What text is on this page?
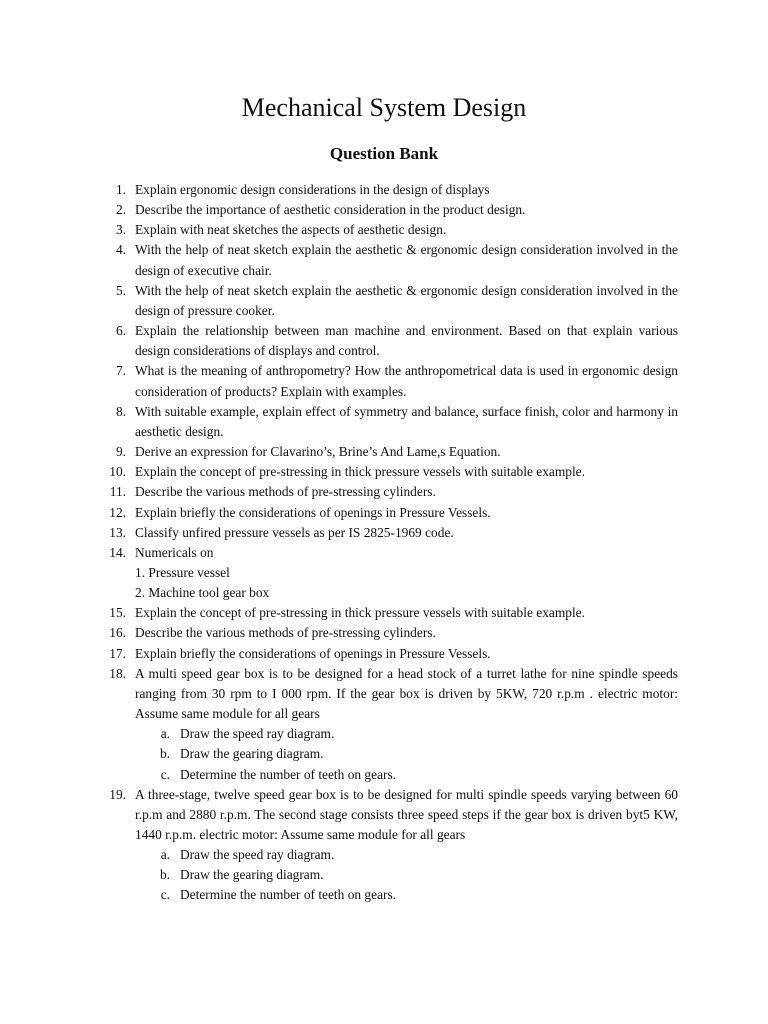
Mechanical System Design
Question Bank
1. Explain ergonomic design considerations in the design of displays
2. Describe the importance of aesthetic consideration in the product design.
3. Explain with neat sketches the aspects of aesthetic design.
4. With the help of neat sketch explain the aesthetic & ergonomic design consideration involved in the design of executive chair.
5. With the help of neat sketch explain the aesthetic & ergonomic design consideration involved in the design of pressure cooker.
6. Explain the relationship between man machine and environment. Based on that explain various design considerations of displays and control.
7. What is the meaning of anthropometry? How the anthropometrical data is used in ergonomic design consideration of products? Explain with examples.
8. With suitable example, explain effect of symmetry and balance, surface finish, color and harmony in aesthetic design.
9. Derive an expression for Clavarino’s, Brine’s And Lame,s Equation.
10. Explain the concept of pre-stressing in thick pressure vessels with suitable example.
11. Describe the various methods of pre-stressing cylinders.
12. Explain briefly the considerations of openings in Pressure Vessels.
13. Classify unfired pressure vessels as per IS 2825-1969 code.
14. Numericals on
1. Pressure vessel
2. Machine tool gear box
15. Explain the concept of pre-stressing in thick pressure vessels with suitable example.
16. Describe the various methods of pre-stressing cylinders.
17. Explain briefly the considerations of openings in Pressure Vessels.
18. A multi speed gear box is to be designed for a head stock of a turret lathe for nine spindle speeds ranging from 30 rpm to I 000 rpm. If the gear box is driven by 5KW, 720 r.p.m . electric motor: Assume same module for all gears
a. Draw the speed ray diagram.
b. Draw the gearing diagram.
c. Determine the number of teeth on gears.
19. A three-stage, twelve speed gear box is to be designed for multi spindle speeds varying between 60 r.p.m and 2880 r.p.m. The second stage consists three speed steps if the gear box is driven byt5 KW, 1440 r.p.m. electric motor: Assume same module for all gears
a. Draw the speed ray diagram.
b. Draw the gearing diagram.
c. Determine the number of teeth on gears.
